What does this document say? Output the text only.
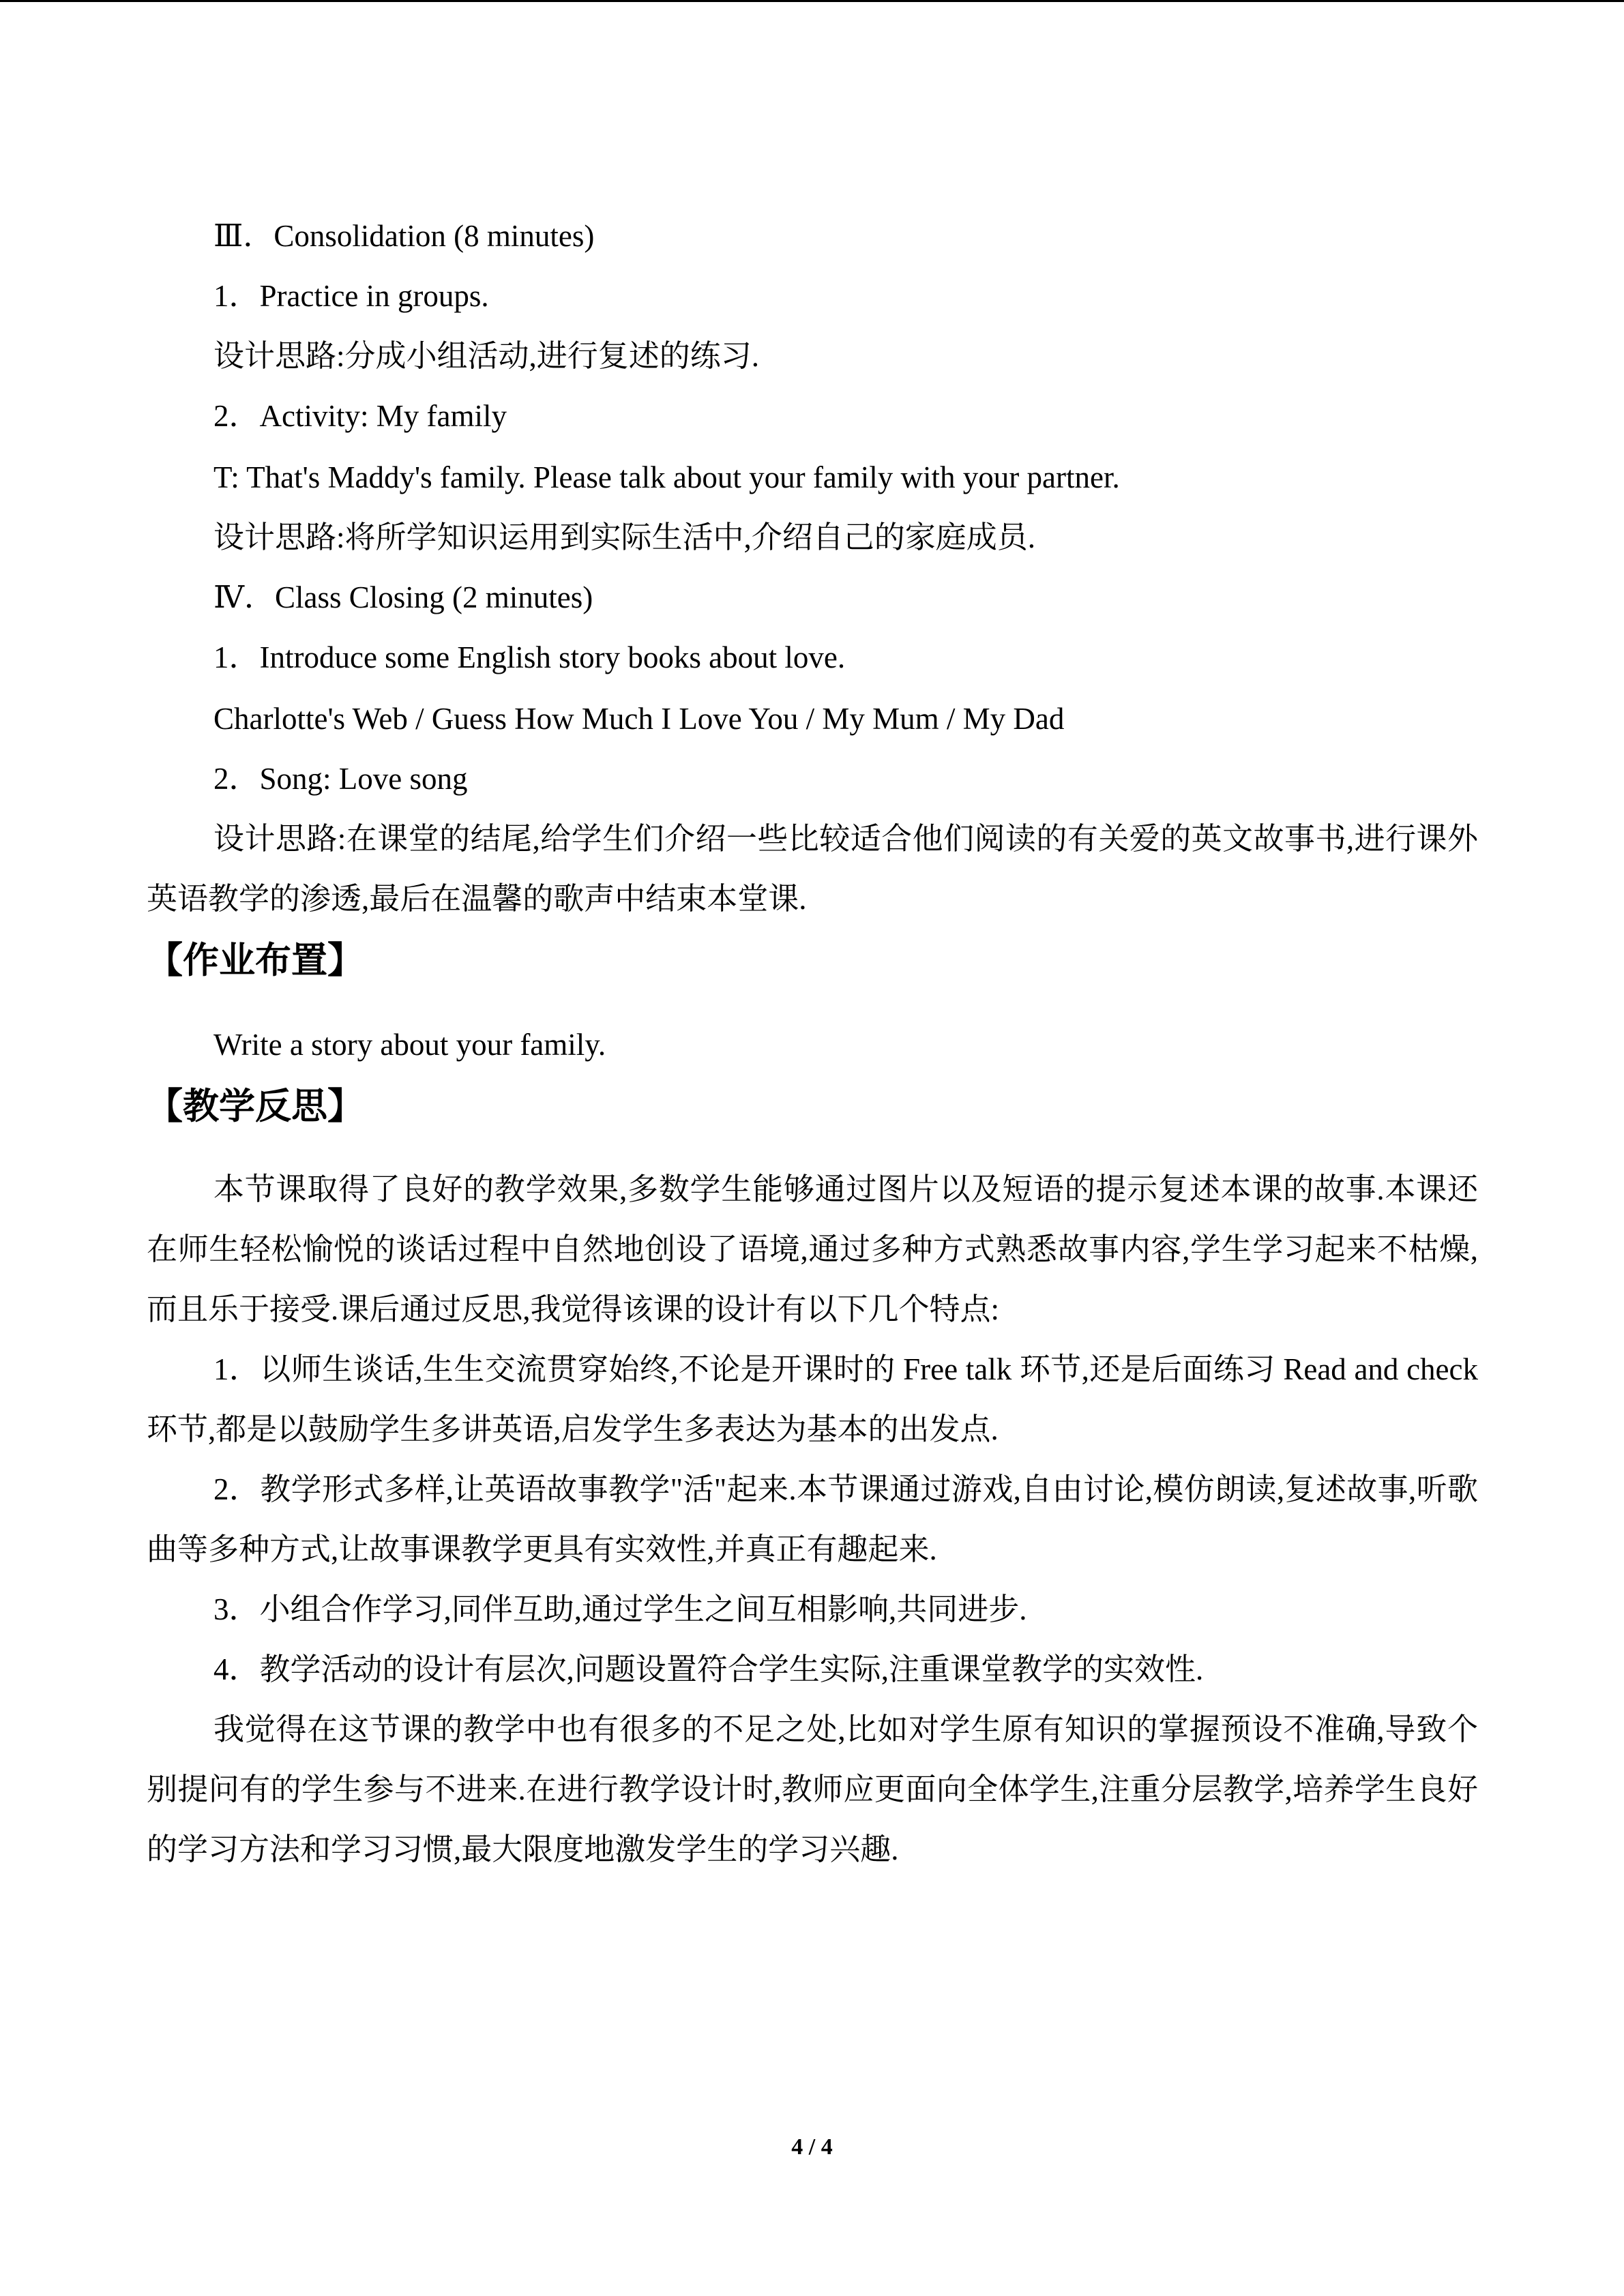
Ⅲ．Consolidation (8 minutes)
1．Practice in groups.
设计思路:分成小组活动,进行复述的练习.
2．Activity: My family
T: That's Maddy's family. Please talk about your family with your partner.
设计思路:将所学知识运用到实际生活中,介绍自己的家庭成员.
Ⅳ．Class Closing (2 minutes)
1．Introduce some English story books about love.
Charlotte's Web / Guess How Much I Love You / My Mum / My Dad
2．Song: Love song
设计思路:在课堂的结尾,给学生们介绍一些比较适合他们阅读的有关爱的英文故事书,进行课外英语教学的渗透,最后在温馨的歌声中结束本堂课.
【作业布置】
Write a story about your family.
【教学反思】
本节课取得了良好的教学效果,多数学生能够通过图片以及短语的提示复述本课的故事.本课还在师生轻松愉悦的谈话过程中自然地创设了语境,通过多种方式熟悉故事内容,学生学习起来不枯燥,而且乐于接受.课后通过反思,我觉得该课的设计有以下几个特点:
1．以师生谈话,生生交流贯穿始终,不论是开课时的 Free talk 环节,还是后面练习 Read and check 环节,都是以鼓励学生多讲英语,启发学生多表达为基本的出发点.
2．教学形式多样,让英语故事教学"活"起来.本节课通过游戏,自由讨论,模仿朗读,复述故事,听歌曲等多种方式,让故事课教学更具有实效性,并真正有趣起来.
3．小组合作学习,同伴互助,通过学生之间互相影响,共同进步.
4．教学活动的设计有层次,问题设置符合学生实际,注重课堂教学的实效性.
我觉得在这节课的教学中也有很多的不足之处,比如对学生原有知识的掌握预设不准确,导致个别提问有的学生参与不进来.在进行教学设计时,教师应更面向全体学生,注重分层教学,培养学生良好的学习方法和学习习惯,最大限度地激发学生的学习兴趣.
4 / 4
